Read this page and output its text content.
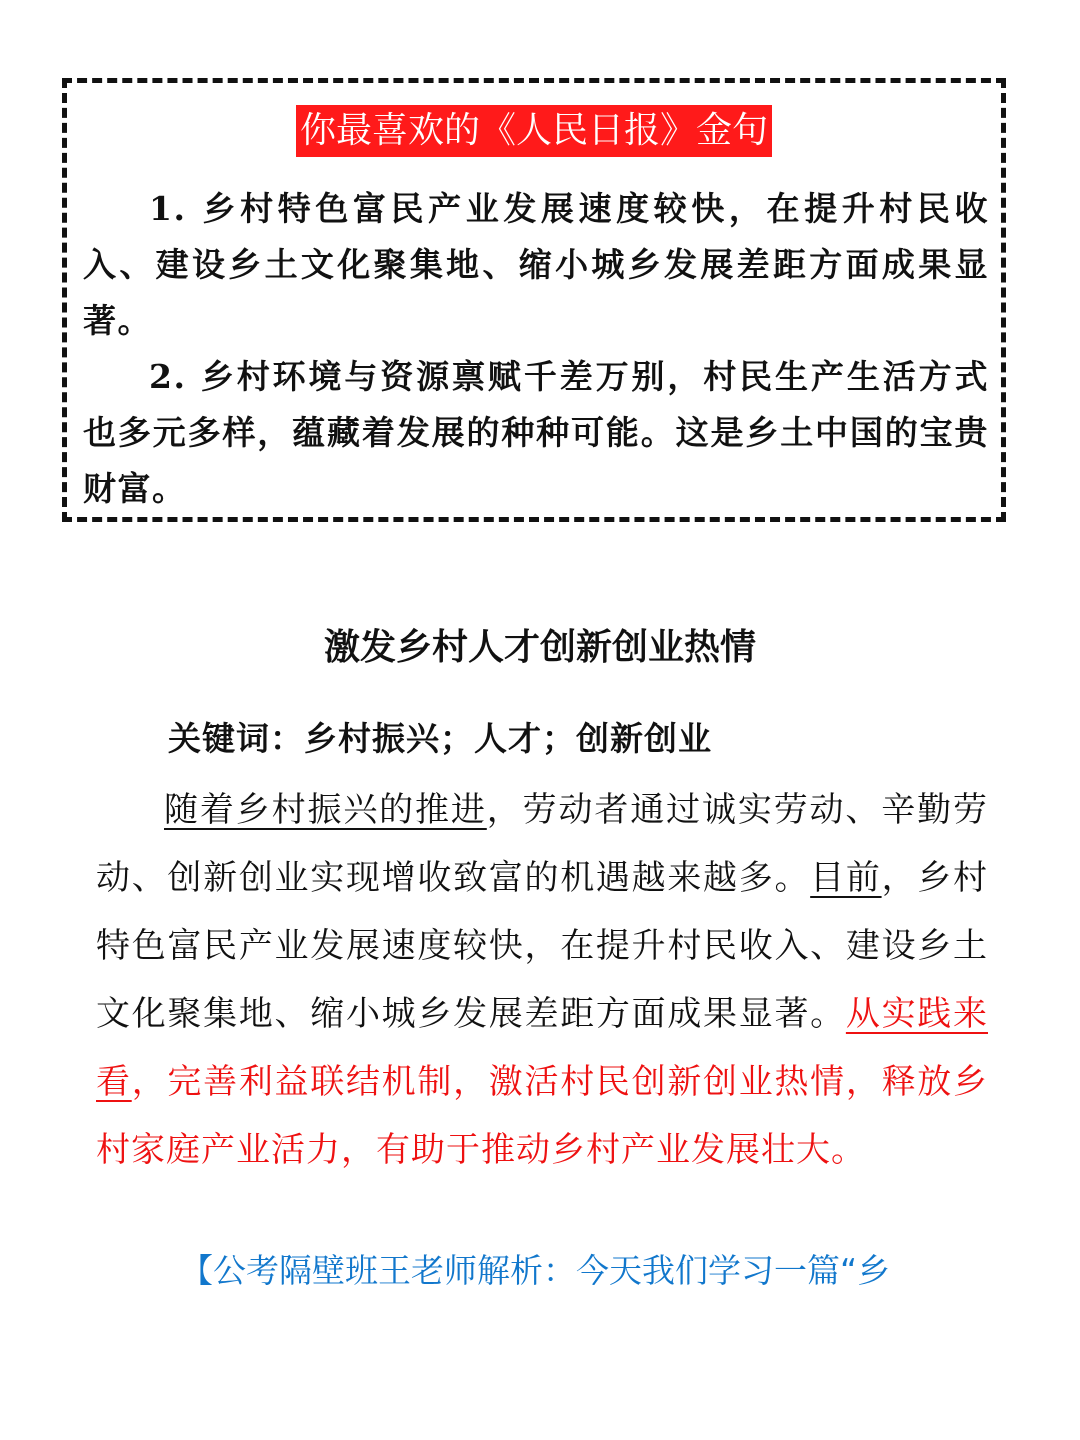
你最喜欢的《人民日报》金句

1. 乡村特色富民产业发展速度较快，在提升村民收入、建设乡土文化聚集地、缩小城乡发展差距方面成果显著。

2. 乡村环境与资源禀赋千差万别，村民生产生活方式也多元多样，蕴藏着发展的种种可能。这是乡土中国的宝贵财富。

激发乡村人才创新创业热情
关键词：乡村振兴；人才；创新创业

随着乡村振兴的推进，劳动者通过诚实劳动、辛勤劳动、创新创业实现增收致富的机遇越来越多。目前，乡村特色富民产业发展速度较快，在提升村民收入、建设乡土文化聚集地、缩小城乡发展差距方面成果显著。从实践来看，完善利益联结机制，激活村民创新创业热情，释放乡村家庭产业活力，有助于推动乡村产业发展壮大。

【公考隔壁班王老师解析：今天我们学习一篇“乡
